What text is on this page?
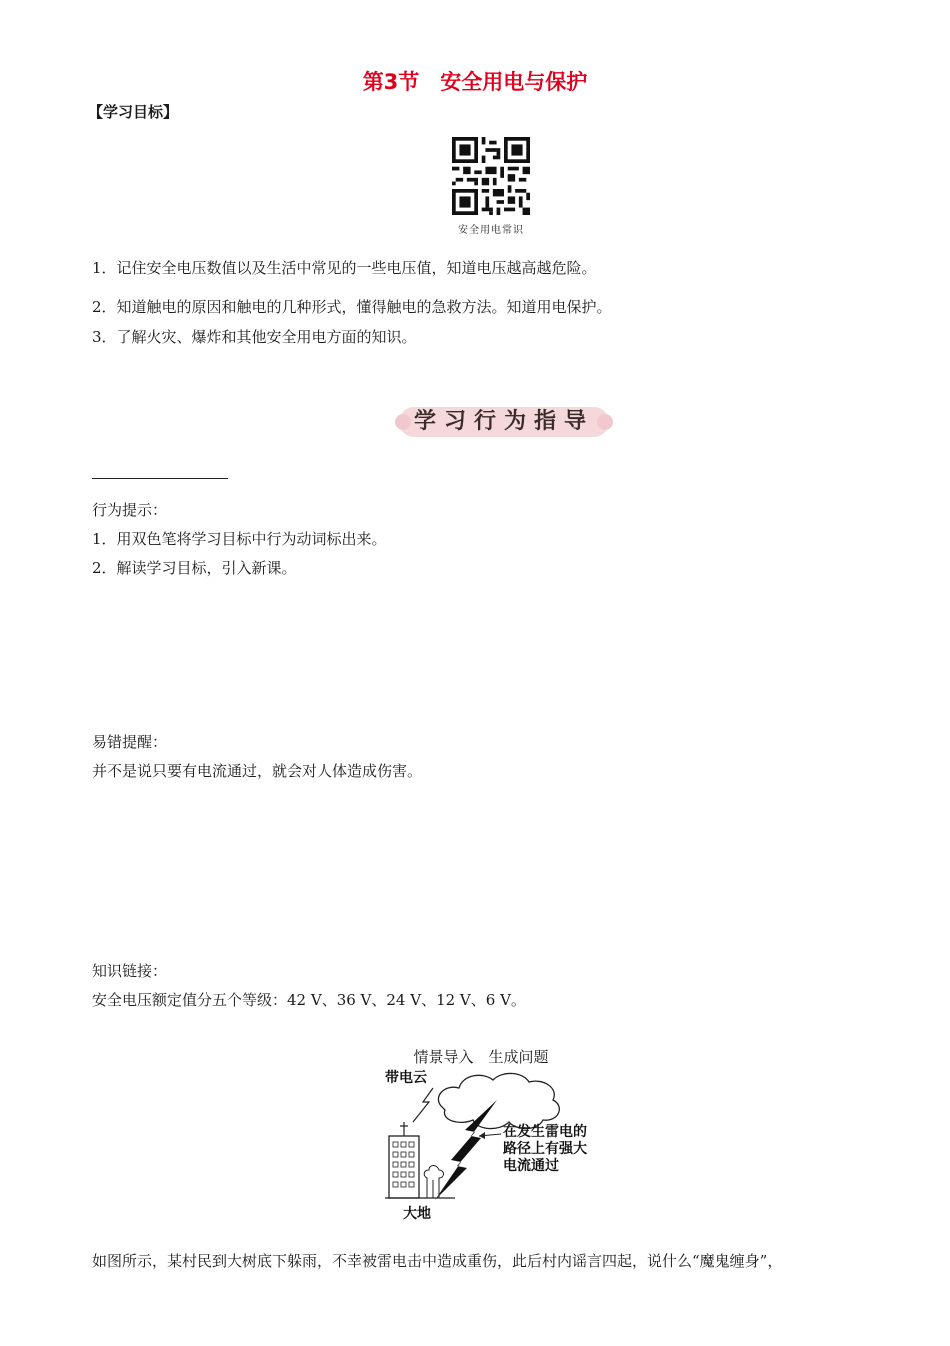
第3节　安全用电与保护
【学习目标】
安全用电常识
1．记住安全电压数值以及生活中常见的一些电压值，知道电压越高越危险。
2．知道触电的原因和触电的几种形式，懂得触电的急救方法。知道用电保护。
3．了解火灾、爆炸和其他安全用电方面的知识。
学习行为指导
行为提示：
1．用双色笔将学习目标中行为动词标出来。
2．解读学习目标，引入新课。
易错提醒：
并不是说只要有电流通过，就会对人体造成伤害。
知识链接：
安全电压额定值分五个等级：42 V、36 V、24 V、12 V、6 V。
情景导入　生成问题
带电云
大地
在发生雷电的
路径上有强大
电流通过
如图所示，某村民到大树底下躲雨，不幸被雷电击中造成重伤，此后村内谣言四起，说什么“魔鬼缠身”，
